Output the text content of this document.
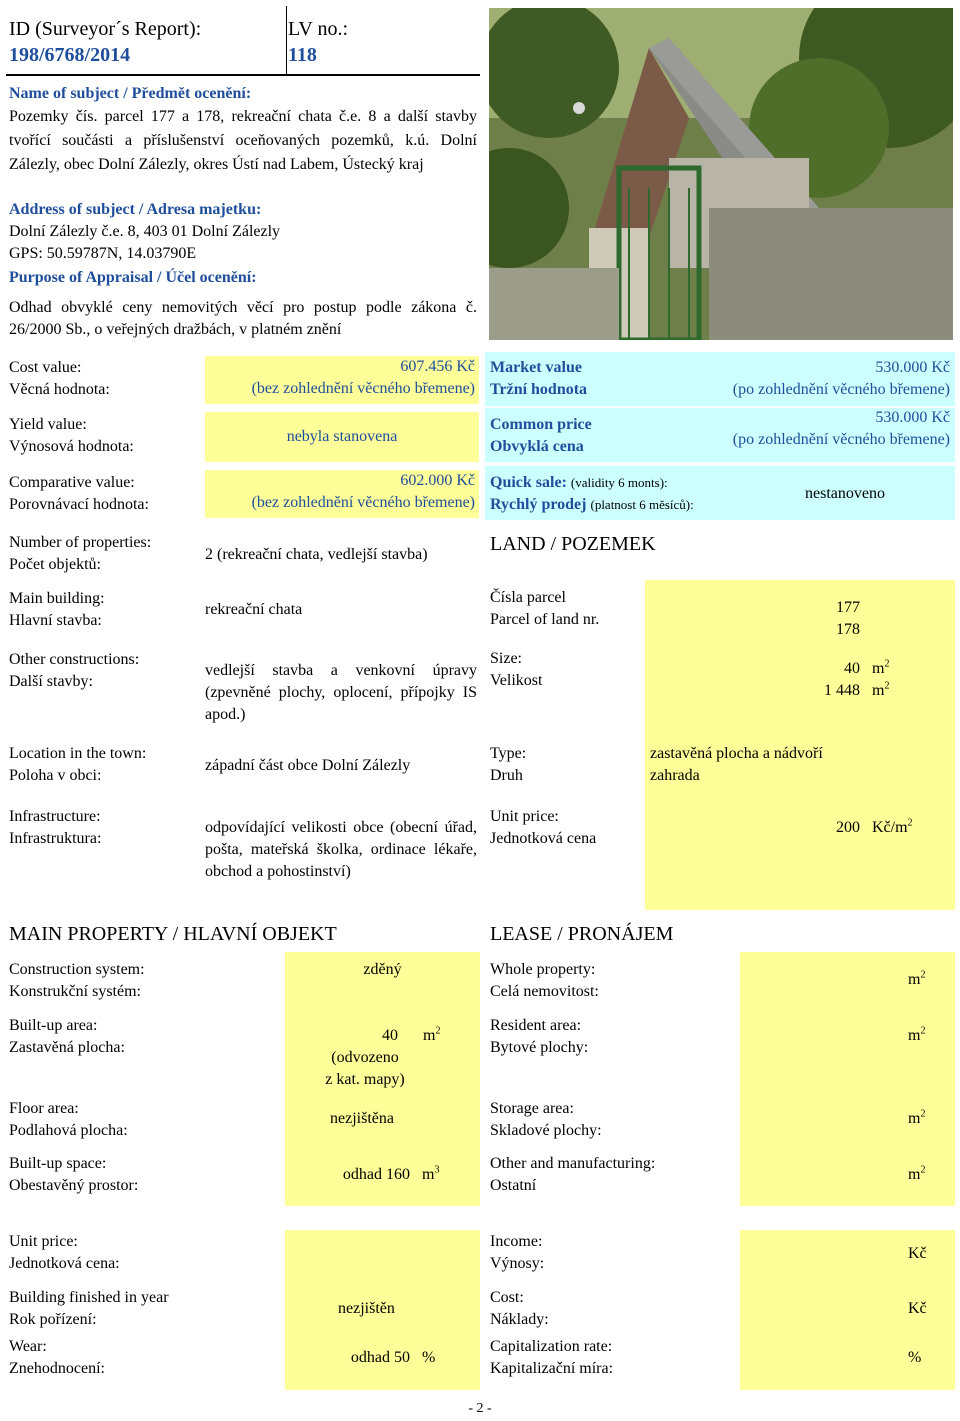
ID (Surveyor´s Report):
198/6768/2014
LV no.:
118
Name of subject / Předmět ocenění:
Pozemky čís. parcel 177 a 178, rekreační chata č.e. 8 a další stavby tvořící součásti a příslušenství oceňovaných pozemků, k.ú. Dolní Zálezly, obec Dolní Zálezly, okres Ústí nad Labem, Ústecký kraj
Address of subject / Adresa majetku:
Dolní Zálezly č.e. 8, 403 01 Dolní Zálezly
GPS: 50.59787N, 14.03790E
Purpose of Appraisal / Účel ocenění:
Odhad obvyklé ceny nemovitých věcí pro postup podle zákona č. 26/2000 Sb., o veřejných dražbách, v platném znění
Cost value:
Věcná hodnota:
607.456 Kč
(bez zohlednění věcného břemene)
Yield value:
Výnosová hodnota:
nebyla stanovena
Comparative value:
Porovnávací hodnota:
602.000 Kč
(bez zohlednění věcného břemene)
Market value
Tržní hodnota
530.000 Kč
(po zohlednění věcného břemene)
Common price
Obvyklá cena
530.000 Kč
(po zohlednění věcného břemene)
Quick sale: (validity 6 monts):
Rychlý prodej (platnost 6 měsíců):
nestanoveno
Number of properties:
Počet objektů:
2 (rekreační chata, vedlejší stavba)
Main building:
Hlavní stavba:
rekreační chata
Other constructions:
Další stavby:
vedlejší stavba a venkovní úpravy (zpevněné plochy, oplocení, přípojky IS apod.)
Location in the town:
Poloha v obci:
západní část obce Dolní Zálezly
Infrastructure:
Infrastruktura:
odpovídající velikosti obce (obecní úřad, pošta, mateřská školka, ordinace lékaře, obchod a pohostinství)
LAND / POZEMEK
Čísla parcel
Parcel of land nr.
177
178
Size:
Velikost
40
1 448
$m^2$
$m^2$
Type:
Druh
zastavěná plocha a nádvoří
zahrada
Unit price:
Jednotková cena
200 $Kč/m^2$
MAIN PROPERTY / HLAVNÍ OBJEKT
Construction system:
Konstrukční systém:
zděný
Built-up area:
Zastavěná plocha:
40
(odvozeno
z kat. mapy)
$m^2$
Floor area:
Podlahová plocha:
nezjištěna
Built-up space:
Obestavěný prostor:
odhad 160 $m^3$
Unit price:
Jednotková cena:
Building finished in year
Rok pořízení:
nezjištěn
Wear:
Znehodnocení:
odhad 50 %
LEASE / PRONÁJEM
Whole property:
Celá nemovitost:
$m^2$
Resident area:
Bytové plochy:
$m^2$
Storage area:
Skladové plochy:
$m^2$
Other and manufacturing:
Ostatní
$m^2$
Income:
Výnosy:
Kč
Cost:
Náklady:
Kč
Capitalization rate:
Kapitalizační míra:
%
- 2 -
